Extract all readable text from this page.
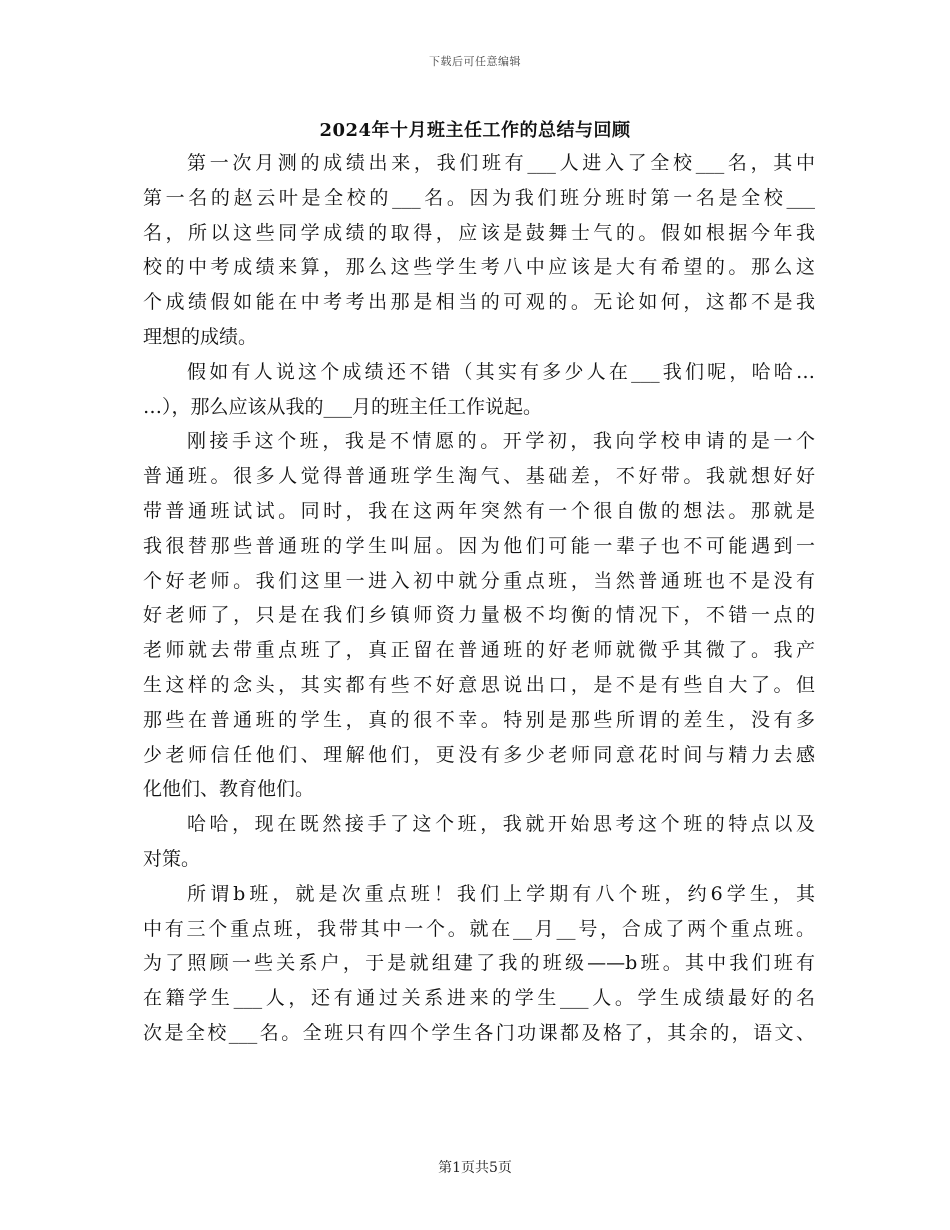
下载后可任意编辑
2024年十月班主任工作的总结与回顾
第一次月测的成绩出来，我们班有___人进入了全校___名，其中
第一名的赵云叶是全校的___名。因为我们班分班时第一名是全校___
名，所以这些同学成绩的取得，应该是鼓舞士气的。假如根据今年我
校的中考成绩来算，那么这些学生考八中应该是大有希望的。那么这
个成绩假如能在中考考出那是相当的可观的。无论如何，这都不是我
理想的成绩。
假如有人说这个成绩还不错（其实有多少人在___我们呢，哈哈…
…），那么应该从我的___月的班主任工作说起。
刚接手这个班，我是不情愿的。开学初，我向学校申请的是一个
普通班。很多人觉得普通班学生淘气、基础差，不好带。我就想好好
带普通班试试。同时，我在这两年突然有一个很自傲的想法。那就是
我很替那些普通班的学生叫屈。因为他们可能一辈子也不可能遇到一
个好老师。我们这里一进入初中就分重点班，当然普通班也不是没有
好老师了，只是在我们乡镇师资力量极不均衡的情况下，不错一点的
老师就去带重点班了，真正留在普通班的好老师就微乎其微了。我产
生这样的念头，其实都有些不好意思说出口，是不是有些自大了。但
那些在普通班的学生，真的很不幸。特别是那些所谓的差生，没有多
少老师信任他们、理解他们，更没有多少老师同意花时间与精力去感
化他们、教育他们。
哈哈，现在既然接手了这个班，我就开始思考这个班的特点以及
对策。
所谓b班，就是次重点班！我们上学期有八个班，约6学生，其
中有三个重点班，我带其中一个。就在__月__号，合成了两个重点班。
为了照顾一些关系户，于是就组建了我的班级——b班。其中我们班有
在籍学生___人，还有通过关系进来的学生___人。学生成绩最好的名
次是全校___名。全班只有四个学生各门功课都及格了，其余的，语文、
第1页共5页
